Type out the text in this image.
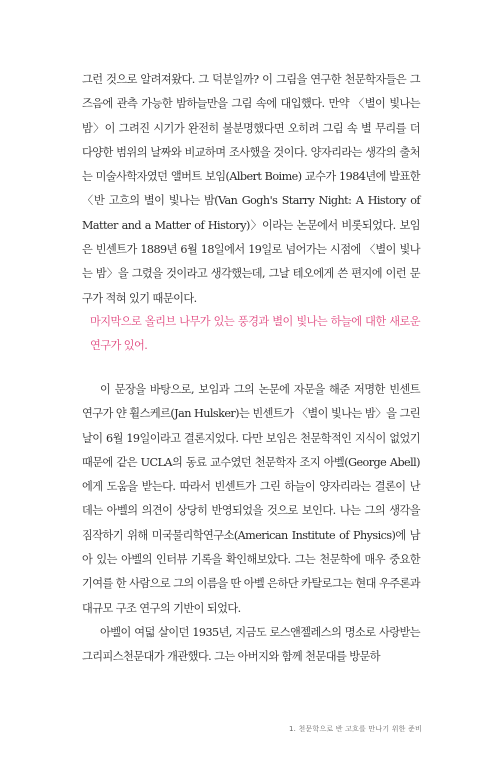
그런 것으로 알려져왔다. 그 덕분일까? 이 그림을 연구한 천문학자들은 그즈음에 관측 가능한 밤하늘만을 그림 속에 대입했다. 만약 〈별이 빛나는 밤〉이 그려진 시기가 완전히 불분명했다면 오히려 그림 속 별 무리를 더 다양한 범위의 날짜와 비교하며 조사했을 것이다. 양자리라는 생각의 출처는 미술사학자였던 앨버트 보임(Albert Boime) 교수가 1984년에 발표한 〈반 고흐의 별이 빛나는 밤(Van Gogh's Starry Night: A History of Matter and a Matter of History)〉이라는 논문에서 비롯되었다. 보임은 빈센트가 1889년 6월 18일에서 19일로 넘어가는 시점에 〈별이 빛나는 밤〉을 그렸을 것이라고 생각했는데, 그날 테오에게 쓴 편지에 이런 문구가 적혀 있기 때문이다.

마지막으로 올리브 나무가 있는 풍경과 별이 빛나는 하늘에 대한 새로운 연구가 있어.

이 문장을 바탕으로, 보임과 그의 논문에 자문을 해준 저명한 빈센트 연구가 얀 휠스케르(Jan Hulsker)는 빈센트가 〈별이 빛나는 밤〉을 그린 날이 6월 19일이라고 결론지었다. 다만 보임은 천문학적인 지식이 없었기 때문에 같은 UCLA의 동료 교수였던 천문학자 조지 아벨(George Abell)에게 도움을 받는다. 따라서 빈센트가 그린 하늘이 양자리라는 결론이 난 데는 아벨의 의견이 상당히 반영되었을 것으로 보인다. 나는 그의 생각을 짐작하기 위해 미국물리학연구소(American Institute of Physics)에 남아 있는 아벨의 인터뷰 기록을 확인해보았다. 그는 천문학에 매우 중요한 기여를 한 사람으로 그의 이름을 딴 아벨 은하단 카탈로그는 현대 우주론과 대규모 구조 연구의 기반이 되었다.

아벨이 여덟 살이던 1935년, 지금도 로스앤젤레스의 명소로 사랑받는 그리피스천문대가 개관했다. 그는 아버지와 함께 천문대를 방문하

1. 천문학으로 반 고흐를 만나기 위한 준비
